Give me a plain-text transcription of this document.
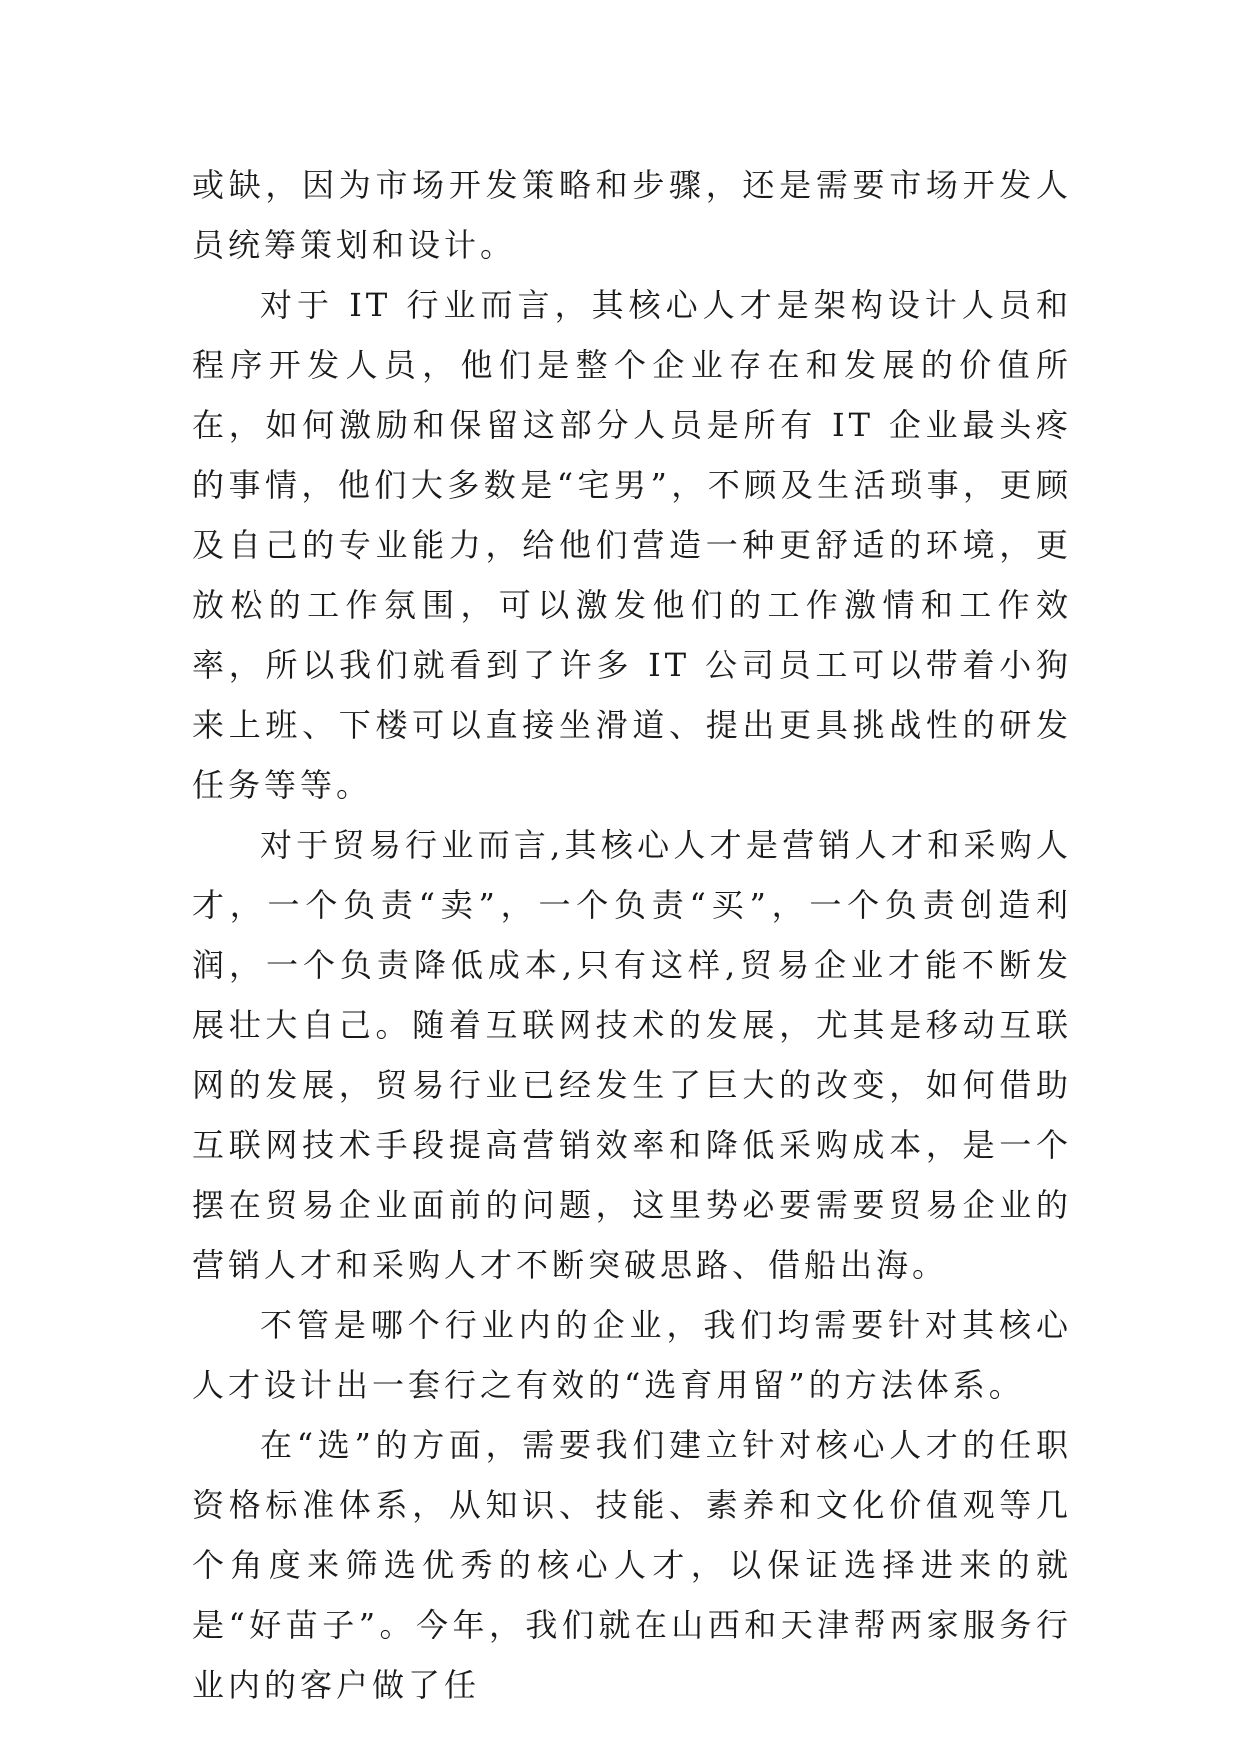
或缺，因为市场开发策略和步骤，还是需要市场开发人员统筹策划和设计。

对于 IT 行业而言，其核心人才是架构设计人员和程序开发人员，他们是整个企业存在和发展的价值所在，如何激励和保留这部分人员是所有 IT 企业最头疼的事情，他们大多数是“宅男”，不顾及生活琐事，更顾及自己的专业能力，给他们营造一种更舒适的环境，更放松的工作氛围，可以激发他们的工作激情和工作效率，所以我们就看到了许多 IT 公司员工可以带着小狗来上班、下楼可以直接坐滑道、提出更具挑战性的研发任务等等。

对于贸易行业而言,其核心人才是营销人才和采购人才，一个负责“卖”，一个负责“买”，一个负责创造利润，一个负责降低成本,只有这样,贸易企业才能不断发展壮大自己。随着互联网技术的发展，尤其是移动互联网的发展，贸易行业已经发生了巨大的改变，如何借助互联网技术手段提高营销效率和降低采购成本，是一个摆在贸易企业面前的问题，这里势必要需要贸易企业的营销人才和采购人才不断突破思路、借船出海。

不管是哪个行业内的企业，我们均需要针对其核心人才设计出一套行之有效的“选育用留”的方法体系。

在“选”的方面，需要我们建立针对核心人才的任职资格标准体系，从知识、技能、素养和文化价值观等几个角度来筛选优秀的核心人才，以保证选择进来的就是“好苗子”。今年，我们就在山西和天津帮两家服务行业内的客户做了任
